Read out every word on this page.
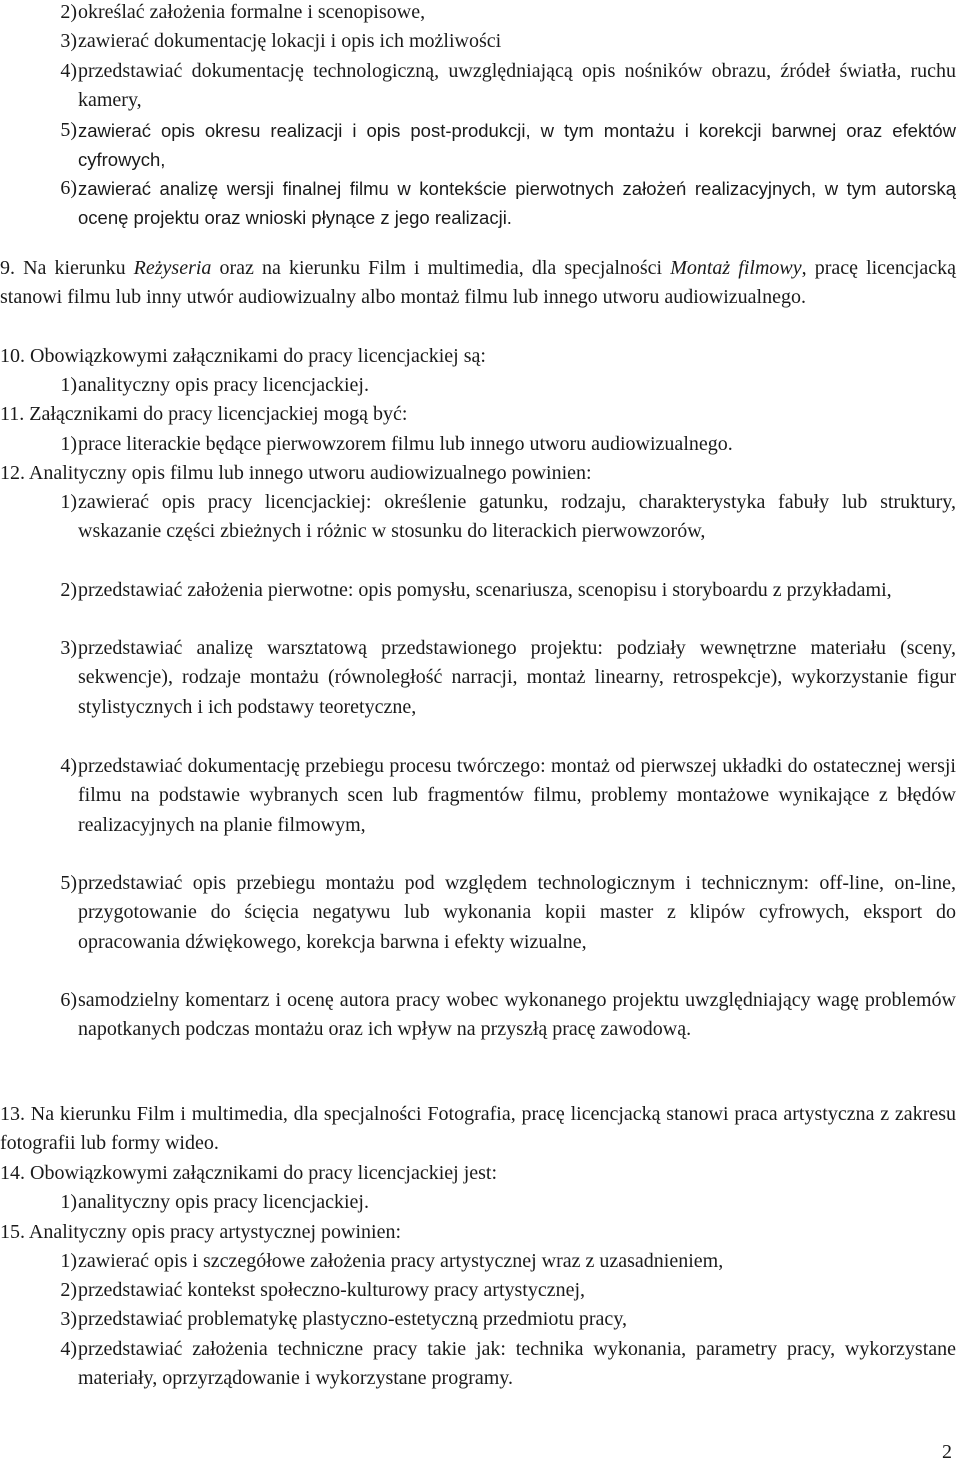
2) określać założenia formalne i scenopisowe,

3) zawierać dokumentację lokacji i opis ich możliwości

4) przedstawiać dokumentację technologiczną, uwzględniającą opis nośników obrazu, źródeł światła, ruchu kamery,

5) zawierać opis okresu realizacji i opis post-produkcji, w tym montażu i korekcji barwnej oraz efektów cyfrowych,

6) zawierać analizę wersji finalnej filmu w kontekście pierwotnych założeń realizacyjnych, w tym autorską ocenę projektu oraz wnioski płynące z jego realizacji.

9. Na kierunku Reżyseria oraz na kierunku Film i multimedia, dla specjalności Montaż filmowy, pracę licencjacką stanowi filmu lub inny utwór audiowizualny albo montaż filmu lub innego utworu audiowizualnego.

10. Obowiązkowymi załącznikami do pracy licencjackiej są:

1) analityczny opis pracy licencjackiej.

11. Załącznikami do pracy licencjackiej mogą być:

1) prace literackie będące pierwowzorem filmu lub innego utworu audiowizualnego.

12. Analityczny opis filmu lub innego utworu audiowizualnego powinien:

1) zawierać opis pracy licencjackiej: określenie gatunku, rodzaju, charakterystyka fabuły lub struktury, wskazanie części zbieżnych i różnic w stosunku do literackich pierwowzorów,

2) przedstawiać założenia pierwotne: opis pomysłu, scenariusza, scenopisu i storyboardu z przykładami,

3) przedstawiać analizę warsztatową przedstawionego projektu: podziały wewnętrzne materiału (sceny, sekwencje), rodzaje montażu (równoległość narracji, montaż linearny, retrospekcje), wykorzystanie figur stylistycznych i ich podstawy teoretyczne,

4) przedstawiać dokumentację przebiegu procesu twórczego: montaż od pierwszej układki do ostatecznej wersji filmu na podstawie wybranych scen lub fragmentów filmu, problemy montażowe wynikające z błędów realizacyjnych na planie filmowym,

5) przedstawiać opis przebiegu montażu pod względem technologicznym i technicznym: off-line, on-line, przygotowanie do ścięcia negatywu lub wykonania kopii master z klipów cyfrowych, eksport do opracowania dźwiękowego, korekcja barwna i efekty wizualne,

6) samodzielny komentarz i ocenę autora pracy wobec wykonanego projektu uwzględniający wagę problemów napotkanych podczas montażu oraz ich wpływ na przyszłą pracę zawodową.

13. Na kierunku Film i multimedia, dla specjalności Fotografia, pracę licencjacką stanowi praca artystyczna z zakresu fotografii lub formy wideo.

14. Obowiązkowymi załącznikami do pracy licencjackiej jest:

1) analityczny opis pracy licencjackiej.

15. Analityczny opis pracy artystycznej powinien:

1) zawierać opis i szczegółowe założenia pracy artystycznej wraz z uzasadnieniem,

2) przedstawiać kontekst społeczno-kulturowy pracy artystycznej,

3) przedstawiać problematykę plastyczno-estetyczną przedmiotu pracy,

4) przedstawiać założenia techniczne pracy takie jak: technika wykonania, parametry pracy, wykorzystane materiały, oprzyrządowanie i wykorzystane programy.

2
